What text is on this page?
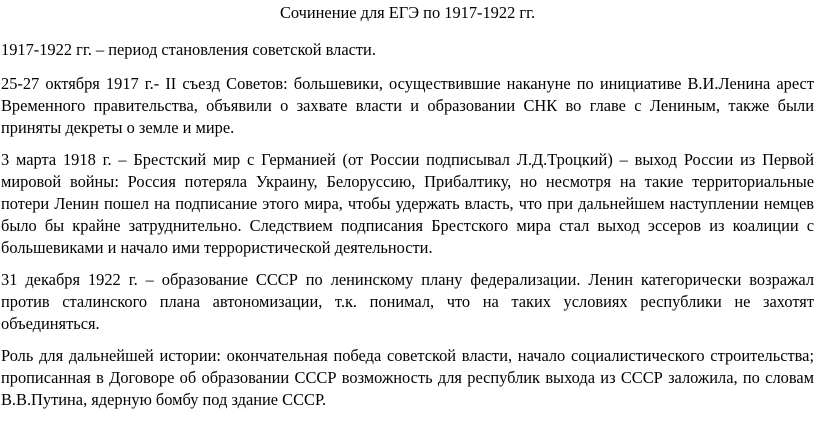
Сочинение для ЕГЭ по 1917-1922 гг.

1917-1922 гг. – период становления советской власти.

25-27 октября 1917 г.- II съезд Советов: большевики, осуществившие накануне по инициативе В.И.Ленина арест Временного правительства, объявили о захвате власти и образовании СНК во главе с Лениным, также были приняты декреты о земле и мире.

3 марта 1918 г. – Брестский мир с Германией (от России подписывал Л.Д.Троцкий) – выход России из Первой мировой войны: Россия потеряла Украину, Белоруссию, Прибалтику, но несмотря на такие территориальные потери Ленин пошел на подписание этого мира, чтобы удержать власть, что при дальнейшем наступлении немцев было бы крайне затруднительно. Следствием подписания Брестского мира стал выход эссеров из коалиции с большевиками и начало ими террористической деятельности.

31 декабря 1922 г. – образование СССР по ленинскому плану федерализации. Ленин категорически возражал против сталинского плана автономизации, т.к. понимал, что на таких условиях республики не захотят объединяться.

Роль для дальнейшей истории: окончательная победа советской власти, начало социалистического строительства; прописанная в Договоре об образовании СССР возможность для республик выхода из СССР заложила, по словам В.В.Путина, ядерную бомбу под здание СССР.
